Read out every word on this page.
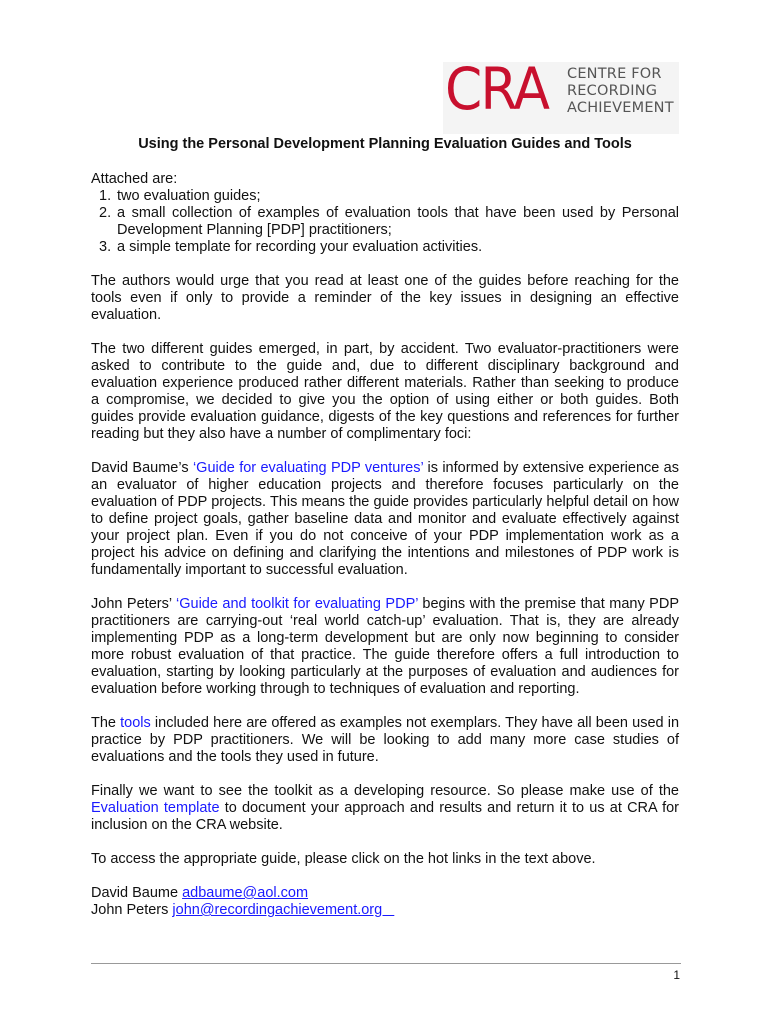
CRA CENTRE FOR
RECORDING
ACHIEVEMENT
Using the Personal Development Planning Evaluation Guides and Tools

Attached are:

1. two evaluation guides;
2. a small collection of examples of evaluation tools that have been used by Personal Development Planning [PDP] practitioners;
3. a simple template for recording your evaluation activities.

The authors would urge that you read at least one of the guides before reaching for the tools even if only to provide a reminder of the key issues in designing an effective evaluation.

The two different guides emerged, in part, by accident. Two evaluator-practitioners were asked to contribute to the guide and, due to different disciplinary background and evaluation experience produced rather different materials. Rather than seeking to produce a compromise, we decided to give you the option of using either or both guides. Both guides provide evaluation guidance, digests of the key questions and references for further reading but they also have a number of complimentary foci:

David Baume’s ‘Guide for evaluating PDP ventures’ is informed by extensive experience as an evaluator of higher education projects and therefore focuses particularly on the evaluation of PDP projects. This means the guide provides particularly helpful detail on how to define project goals, gather baseline data and monitor and evaluate effectively against your project plan. Even if you do not conceive of your PDP implementation work as a project his advice on defining and clarifying the intentions and milestones of PDP work is fundamentally important to successful evaluation.

John Peters’ ‘Guide and toolkit for evaluating PDP’ begins with the premise that many PDP practitioners are carrying-out ‘real world catch-up’ evaluation. That is, they are already implementing PDP as a long-term development but are only now beginning to consider more robust evaluation of that practice. The guide therefore offers a full introduction to evaluation, starting by looking particularly at the purposes of evaluation and audiences for evaluation before working through to techniques of evaluation and reporting.

The tools included here are offered as examples not exemplars. They have all been used in practice by PDP practitioners. We will be looking to add many more case studies of evaluations and the tools they used in future.

Finally we want to see the toolkit as a developing resource. So please make use of the Evaluation template to document your approach and results and return it to us at CRA for inclusion on the CRA website.

To access the appropriate guide, please click on the hot links in the text above.

David Baume adbaume@aol.com

John Peters john@recordingachievement.org

1
